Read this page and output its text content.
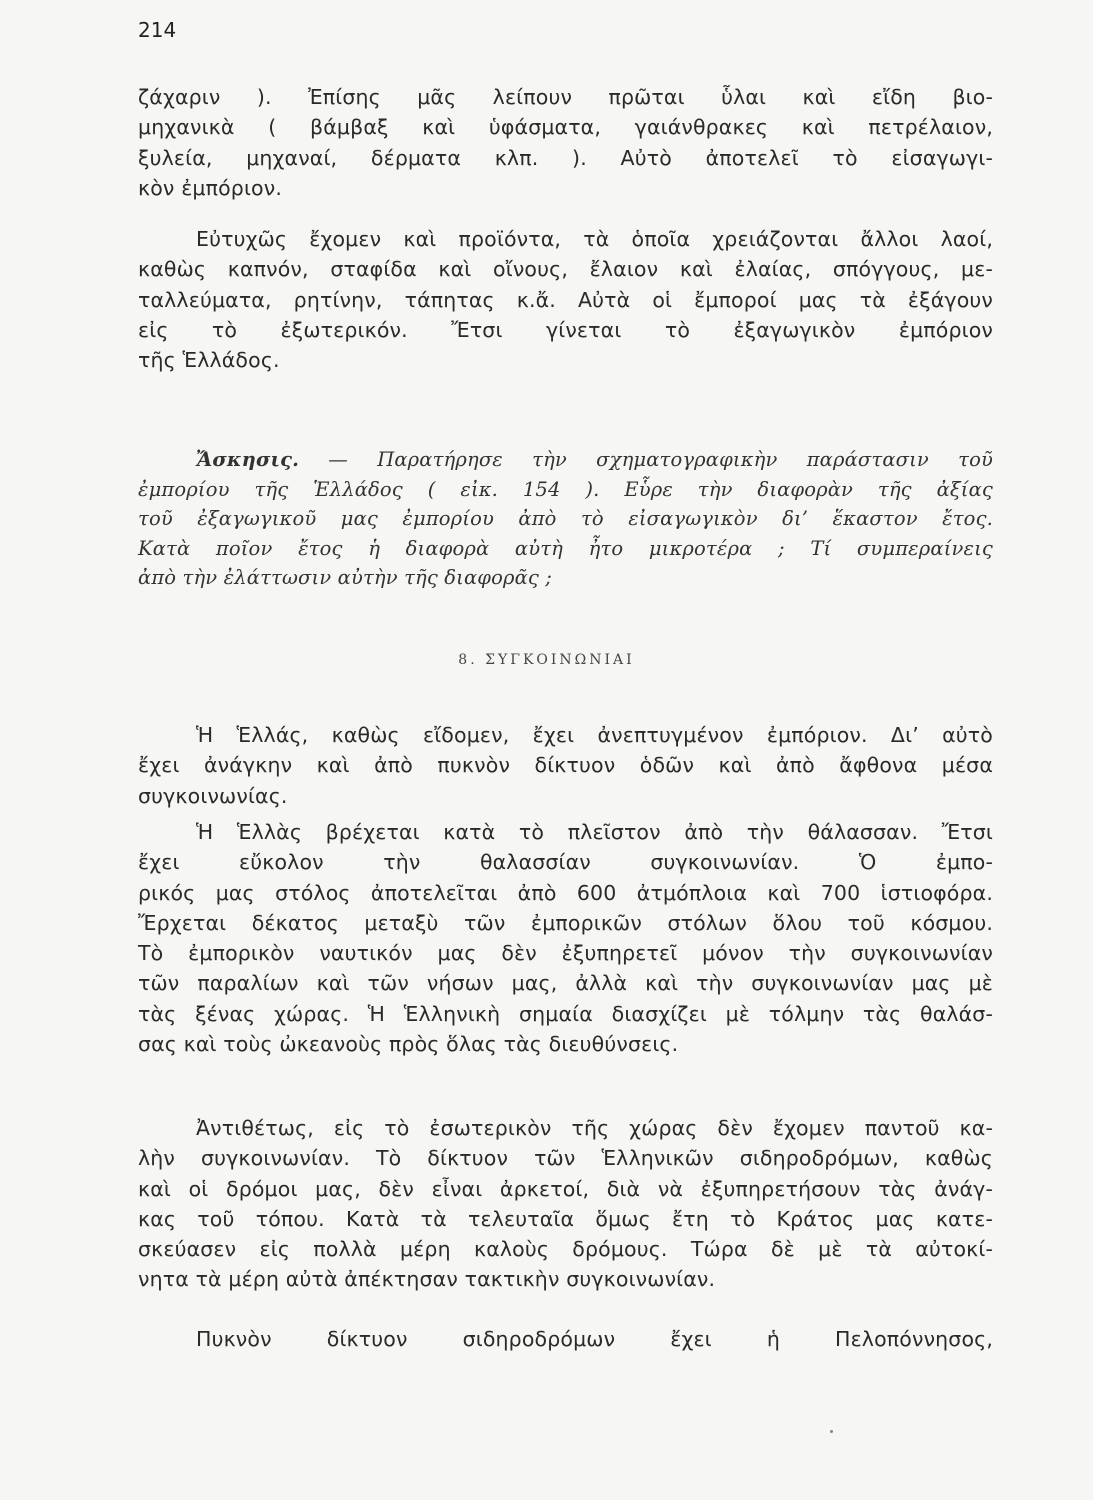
214
ζάχαριν ). Ἐπίσης μᾶς λείπουν πρῶται ὗλαι καὶ εἴδη βιο-
μηχανικὰ ( βάμβαξ καὶ ὑφάσματα, γαιάνθρακες καὶ πετρέλαιον,
ξυλεία, μηχαναί, δέρματα κλπ. ). Αὐτὸ ἀποτελεῖ τὸ εἰσαγωγι-
κὸν ἐμπόριον.
Εὐτυχῶς ἔχομεν καὶ προϊόντα, τὰ ὁποῖα χρειάζονται ἄλλοι λαοί,
καθὼς καπνόν, σταφίδα καὶ οἴνους, ἔλαιον καὶ ἐλαίας, σπόγγους, με-
ταλλεύματα, ρητίνην, τάπητας κ.ἄ. Αὐτὰ οἱ ἔμποροί μας τὰ ἐξάγουν
εἰς τὸ ἐξωτερικόν. Ἔτσι γίνεται τὸ ἐξαγωγικὸν ἐμπόριον
τῆς Ἑλλάδος.
Ἄσκησις. — Παρατήρησε τὴν σχηματογραφικὴν παράστασιν τοῦ
ἐμπορίου τῆς Ἑλλάδος ( εἰκ. 154 ). Εὗρε τὴν διαφορὰν τῆς ἀξίας
τοῦ ἐξαγωγικοῦ μας ἐμπορίου ἀπὸ τὸ εἰσαγωγικὸν δι’ ἕκαστον ἔτος.
Κατὰ ποῖον ἔτος ἡ διαφορὰ αὐτὴ ἦτο μικροτέρα ; Τί συμπεραίνεις
ἀπὸ τὴν ἐλάττωσιν αὐτὴν τῆς διαφορᾶς ;
8. ΣΥΓΚΟΙΝΩΝΙΑΙ
Ἡ Ἑλλάς, καθὼς εἴδομεν, ἔχει ἀνεπτυγμένον ἐμπόριον. Δι’ αὐτὸ
ἔχει ἀνάγκην καὶ ἀπὸ πυκνὸν δίκτυον ὁδῶν καὶ ἀπὸ ἄφθονα μέσα
συγκοινωνίας.
Ἡ Ἑλλὰς βρέχεται κατὰ τὸ πλεῖστον ἀπὸ τὴν θάλασσαν. Ἔτσι
ἔχει εὔκολον τὴν θαλασσίαν συγκοινωνίαν. Ὁ ἐμπο-
ρικός μας στόλος ἀποτελεῖται ἀπὸ 600 ἀτμόπλοια καὶ 700 ἱστιοφόρα.
Ἔρχεται δέκατος μεταξὺ τῶν ἐμπορικῶν στόλων ὅλου τοῦ κόσμου.
Τὸ ἐμπορικὸν ναυτικόν μας δὲν ἐξυπηρετεῖ μόνον τὴν συγκοινωνίαν
τῶν παραλίων καὶ τῶν νήσων μας, ἀλλὰ καὶ τὴν συγκοινωνίαν μας μὲ
τὰς ξένας χώρας. Ἡ Ἑλληνικὴ σημαία διασχίζει μὲ τόλμην τὰς θαλάσ-
σας καὶ τοὺς ὠκεανοὺς πρὸς ὅλας τὰς διευθύνσεις.
Ἀντιθέτως, εἰς τὸ ἐσωτερικὸν τῆς χώρας δὲν ἔχομεν παντοῦ κα-
λὴν συγκοινωνίαν. Τὸ δίκτυον τῶν Ἑλληνικῶν σιδηροδρόμων, καθὼς
καὶ οἱ δρόμοι μας, δὲν εἶναι ἀρκετοί, διὰ νὰ ἐξυπηρετήσουν τὰς ἀνάγ-
κας τοῦ τόπου. Κατὰ τὰ τελευταῖα ὅμως ἔτη τὸ Κράτος μας κατε-
σκεύασεν εἰς πολλὰ μέρη καλοὺς δρόμους. Τώρα δὲ μὲ τὰ αὐτοκί-
νητα τὰ μέρη αὐτὰ ἀπέκτησαν τακτικὴν συγκοινωνίαν.
Πυκνὸν δίκτυον σιδηροδρόμων ἔχει ἡ Πελοπόννησος,
